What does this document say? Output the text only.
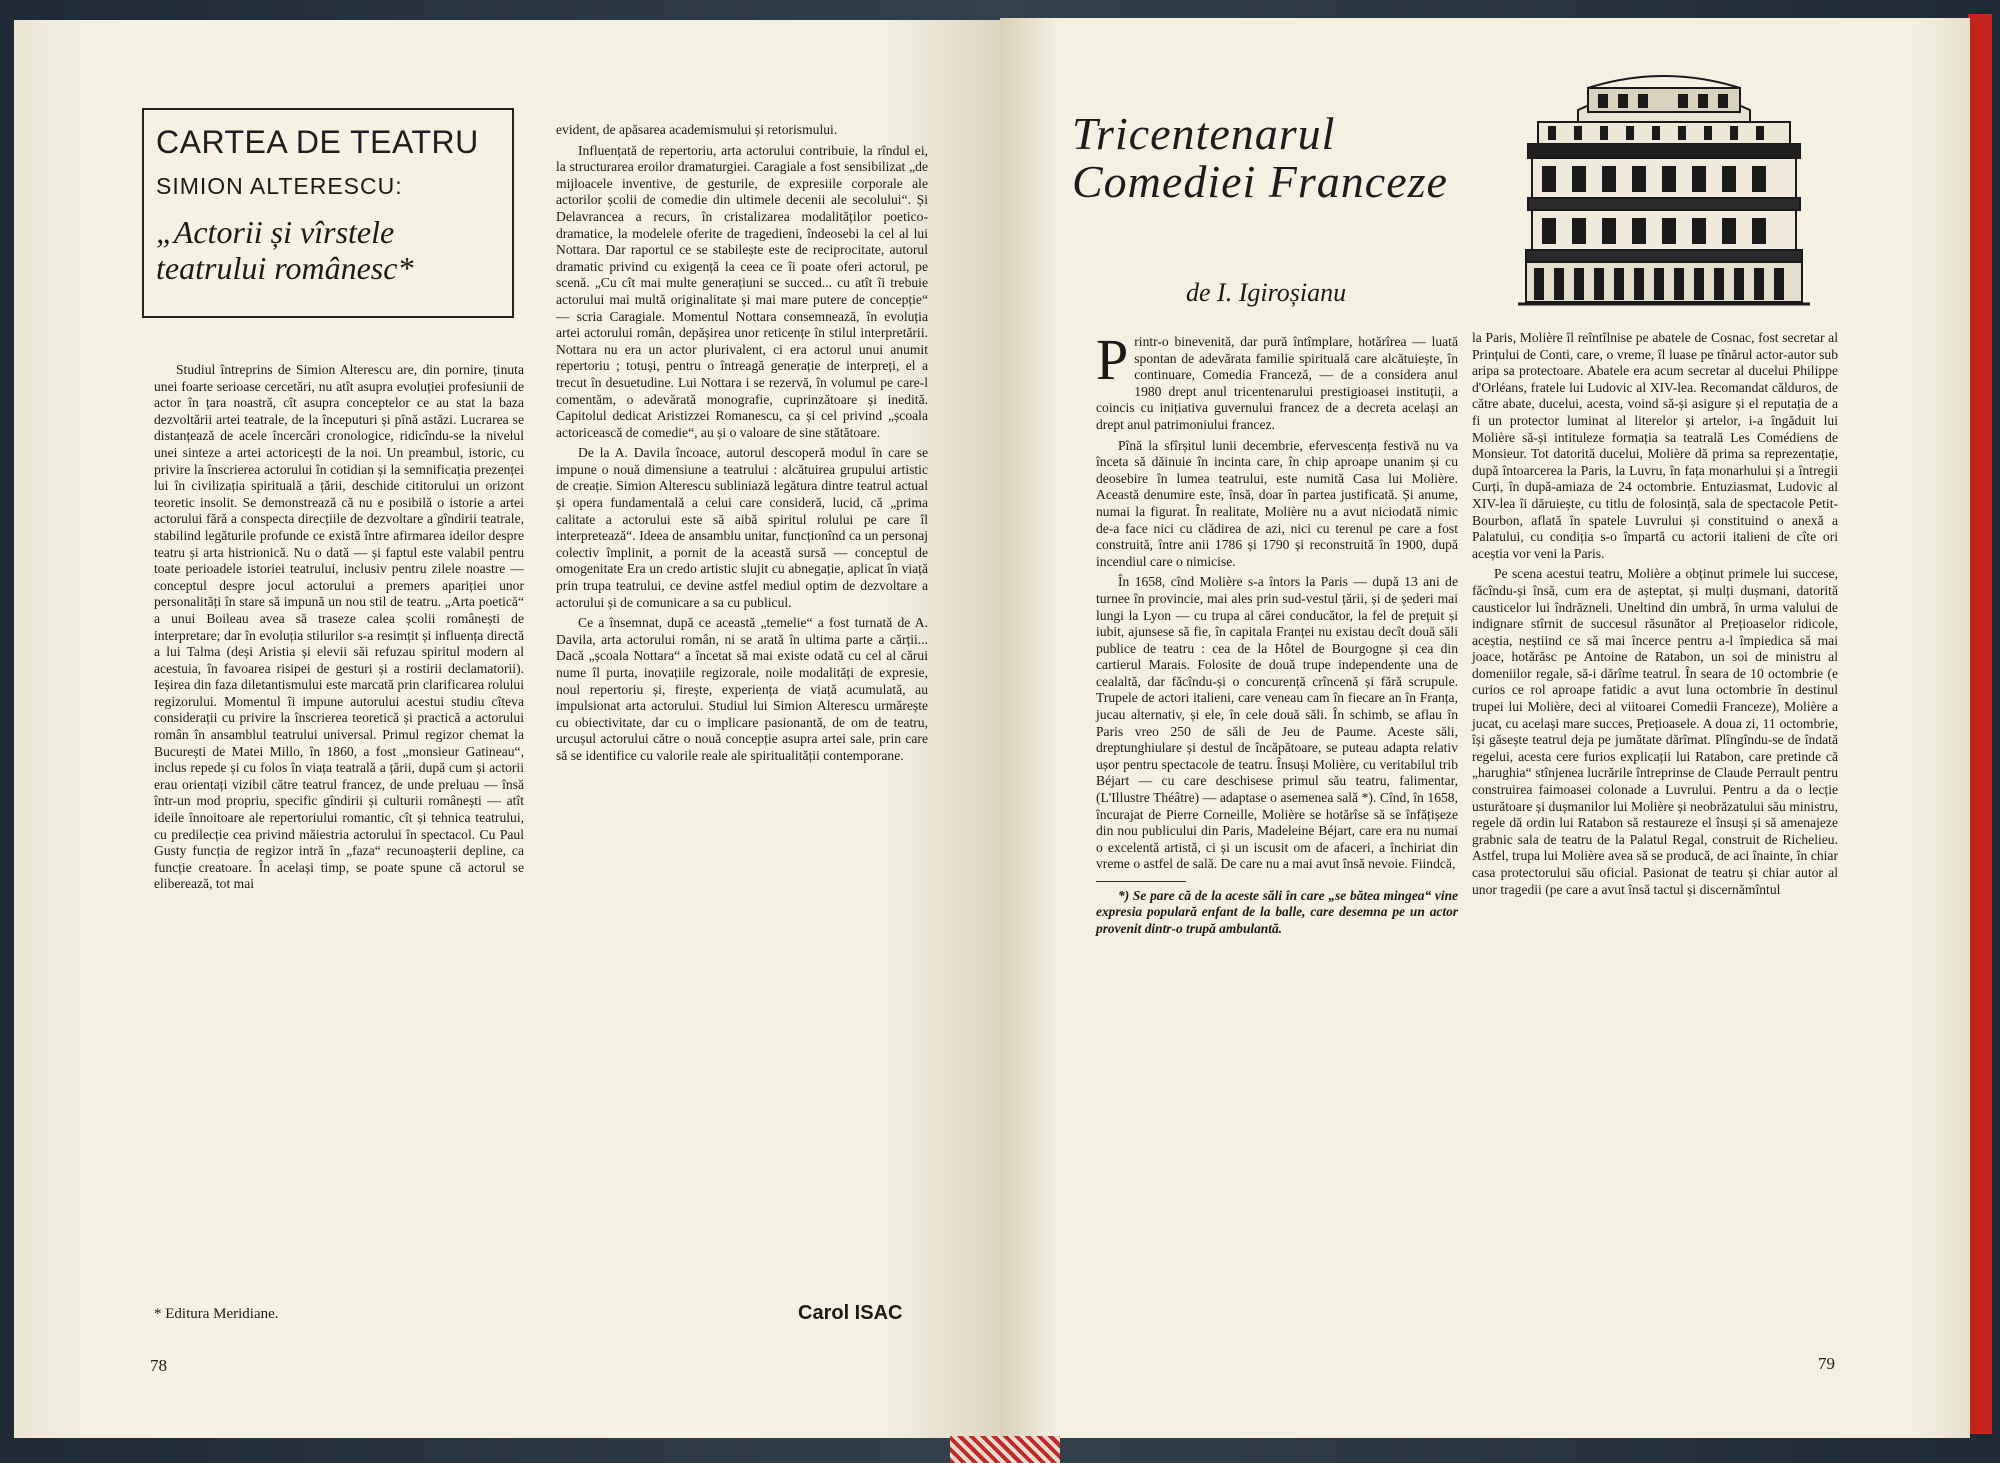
CARTEA DE TEATRU
SIMION ALTERESCU:
„Actorii și vîrstele teatrului românesc*

Studiul întreprins de Simion Alterescu are, din pornire, ținuta unei foarte serioase cercetări, nu atît asupra evoluției profesiunii de actor în țara noastră, cît asupra conceptelor ce au stat la baza dezvoltării artei teatrale, de la începuturi și pînă astăzi. Lucrarea se distanțează de acele încercări cronologice, ridicîndu-se la nivelul unei sinteze a artei actoricești de la noi. Un preambul, istoric, cu privire la înscrierea actorului în cotidian și la semnificația prezenței lui în civilizația spirituală a țării, deschide cititorului un orizont teoretic insolit. Se demonstrează că nu e posibilă o istorie a artei actorului fără a conspecta direcțiile de dezvoltare a gîndirii teatrale, stabilind legăturile profunde ce există între afirmarea ideilor despre teatru și arta histrionică. Nu o dată — și faptul este valabil pentru toate perioadele istoriei teatrului, inclusiv pentru zilele noastre — conceptul despre jocul actorului a premers apariției unor personalități în stare să impună un nou stil de teatru. „Arta poetică“ a unui Boileau avea să traseze calea școlii românești de interpretare; dar în evoluția stilurilor s-a resimțit și influența directă a lui Talma (deși Aristia și elevii săi refuzau spiritul modern al acestuia, în favoarea risipei de gesturi și a rostirii declamatorii). Ieșirea din faza diletantismului este marcată prin clarificarea rolului regizorului. Momentul îi impune autorului acestui studiu cîteva considerații cu privire la înscrierea teoretică și practică a actorului român în ansamblul teatrului universal. Primul regizor chemat la București de Matei Millo, în 1860, a fost „monsieur Gatineau“, inclus repede și cu folos în viața teatrală a țării, după cum și actorii erau orientați vizibil către teatrul francez, de unde preluau — însă într-un mod propriu, specific gîndirii și culturii românești — atît ideile înnoitoare ale repertoriului romantic, cît și tehnica teatrului, cu predilecție cea privind măiestria actorului în spectacol. Cu Paul Gusty funcția de regizor intră în „faza“ recunoașterii depline, ca funcție creatoare. În același timp, se poate spune că actorul se eliberează, tot mai

evident, de apăsarea academismului și retorismului.

Influențată de repertoriu, arta actorului contribuie, la rîndul ei, la structurarea eroilor dramaturgiei. Caragiale a fost sensibilizat „de mijloacele inventive, de gesturile, de expresiile corporale ale actorilor școlii de comedie din ultimele decenii ale secolului“. Și Delavrancea a recurs, în cristalizarea modalităților poetico-dramatice, la modelele oferite de tragedieni, îndeosebi la cel al lui Nottara. Dar raportul ce se stabilește este de reciprocitate, autorul dramatic privind cu exigență la ceea ce îi poate oferi actorul, pe scenă. „Cu cît mai multe generațiuni se succed... cu atît îi trebuie actorului mai multă originalitate și mai mare putere de concepție“ — scria Caragiale. Momentul Nottara consemnează, în evoluția artei actorului român, depășirea unor reticențe în stilul interpretării. Nottara nu era un actor plurivalent, ci era actorul unui anumit repertoriu ; totuși, pentru o întreagă generație de interpreți, el a trecut în desuetudine. Lui Nottara i se rezervă, în volumul pe care-l comentăm, o adevărată monografie, cuprinzătoare și inedită. Capitolul dedicat Aristizzei Romanescu, ca și cel privind „școala actoricească de comedie“, au și o valoare de sine stătătoare.

De la A. Davila încoace, autorul descoperă modul în care se impune o nouă dimensiune a teatrului : alcătuirea grupului artistic de creație. Simion Alterescu subliniază legătura dintre teatrul actual și opera fundamentală a celui care consideră, lucid, că „prima calitate a actorului este să aibă spiritul rolului pe care îl interpretează“. Ideea de ansamblu unitar, funcționînd ca un personaj colectiv împlinit, a pornit de la această sursă — conceptul de omogenitate Era un credo artistic slujit cu abnegație, aplicat în viață prin trupa teatrului, ce devine astfel mediul optim de dezvoltare a actorului și de comunicare a sa cu publicul.

Ce a însemnat, după ce această „temelie“ a fost turnată de A. Davila, arta actorului român, ni se arată în ultima parte a cărții... Dacă „școala Nottara“ a încetat să mai existe odată cu cel al cărui nume îl purta, inovațiile regizorale, noile modalități de expresie, noul repertoriu și, firește, experiența de viață acumulată, au impulsionat arta actorului. Studiul lui Simion Alterescu urmărește cu obiectivitate, dar cu o implicare pasionantă, de om de teatru, urcușul actorului către o nouă concepție asupra artei sale, prin care să se identifice cu valorile reale ale spiritualității contemporane.

* Editura Meridiane.	Carol ISAC
78
Tricentenarul Comediei Franceze
de I. Igiroșianu

Printr-o binevenită, dar pură întîmplare, hotărîrea — luată spontan de adevărata familie spirituală care alcătuiește, în continuare, Comedia Franceză, — de a considera anul 1980 drept anul tricentenarului prestigioasei instituții, a coincis cu inițiativa guvernului francez de a decreta același an drept anul patrimoniului francez.

Pînă la sfîrșitul lunii decembrie, efervescența festivă nu va înceta să dăinuie în incinta care, în chip aproape unanim și cu deosebire în lumea teatrului, este numită Casa lui Molière. Această denumire este, însă, doar în partea justificată. Și anume, numai la figurat. În realitate, Molière nu a avut niciodată nimic de-a face nici cu clădirea de azi, nici cu terenul pe care a fost construită, între anii 1786 și 1790 și reconstruită în 1900, după incendiul care o nimicise.

În 1658, cînd Molière s-a întors la Paris — după 13 ani de turnee în provincie, mai ales prin sud-vestul țării, și de șederi mai lungi la Lyon — cu trupa al cărei conducător, la fel de prețuit și iubit, ajunsese să fie, în capitala Franței nu existau decît două săli publice de teatru : cea de la Hôtel de Bourgogne și cea din cartierul Marais. Folosite de două trupe independente una de cealaltă, dar făcîndu-și o concurență crîncenă și fără scrupule. Trupele de actori italieni, care veneau cam în fiecare an în Franța, jucau alternativ, și ele, în cele două săli. În schimb, se aflau în Paris vreo 250 de săli de Jeu de Paume. Aceste săli, dreptunghiulare și destul de încăpătoare, se puteau adapta relativ ușor pentru spectacole de teatru. Însuși Molière, cu veritabilul trib Béjart — cu care deschisese primul său teatru, falimentar, (L'Illustre Théâtre) — adaptase o asemenea sală *). Cînd, în 1658, încurajat de Pierre Corneille, Molière se hotărîse să se înfățișeze din nou publicului din Paris, Madeleine Béjart, care era nu numai o excelentă artistă, ci și un iscusit om de afaceri, a închiriat din vreme o astfel de sală. De care nu a mai avut însă nevoie. Fiindcă,

*) Se pare că de la aceste săli în care „se bătea mingea“ vine expresia populară enfant de la balle, care desemna pe un actor provenit dintr-o trupă ambulantă.

la Paris, Molière îl reîntîlnise pe abatele de Cosnac, fost secretar al Prințului de Conti, care, o vreme, îl luase pe tînărul actor-autor sub aripa sa protectoare. Abatele era acum secretar al ducelui Philippe d'Orléans, fratele lui Ludovic al XIV-lea. Recomandat călduros, de către abate, ducelui, acesta, voind să-și asigure și el reputația de a fi un protector luminat al literelor și artelor, i-a îngăduit lui Molière să-și intituleze formația sa teatrală Les Comédiens de Monsieur. Tot datorită ducelui, Molière dă prima sa reprezentație, după întoarcerea la Paris, la Luvru, în fața monarhului și a întregii Curți, în după-amiaza de 24 octombrie. Entuziasmat, Ludovic al XIV-lea îi dăruiește, cu titlu de folosință, sala de spectacole Petit-Bourbon, aflată în spatele Luvrului și constituind o anexă a Palatului, cu condiția s-o împartă cu actorii italieni de cîte ori aceștia vor veni la Paris.

Pe scena acestui teatru, Molière a obținut primele lui succese, făcîndu-și însă, cum era de așteptat, și mulți dușmani, datorită causticelor lui îndrăzneli. Uneltind din umbră, în urma valului de indignare stîrnit de succesul răsunător al Prețioaselor ridicole, aceștia, neștiind ce să mai încerce pentru a-l împiedica să mai joace, hotărăsc pe Antoine de Ratabon, un soi de ministru al domeniilor regale, să-i dărîme teatrul. În seara de 10 octombrie (e curios ce rol aproape fatidic a avut luna octombrie în destinul trupei lui Molière, deci al viitoarei Comedii Franceze), Molière a jucat, cu același mare succes, Prețioasele. A doua zi, 11 octombrie, își găsește teatrul deja pe jumătate dărîmat. Plîngîndu-se de îndată regelui, acesta cere furios explicații lui Ratabon, care pretinde că „harughia“ stînjenea lucrările întreprinse de Claude Perrault pentru construirea faimoasei colonade a Luvrului. Pentru a da o lecție usturătoare și dușmanilor lui Molière și neobrăzatului său ministru, regele dă ordin lui Ratabon să restaureze el însuși și să amenajeze grabnic sala de teatru de la Palatul Regal, construit de Richelieu. Astfel, trupa lui Molière avea să se producă, de aci înainte, în chiar casa protectorului său oficial. Pasionat de teatru și chiar autor al unor tragedii (pe care a avut însă tactul și discernămîntul

79
